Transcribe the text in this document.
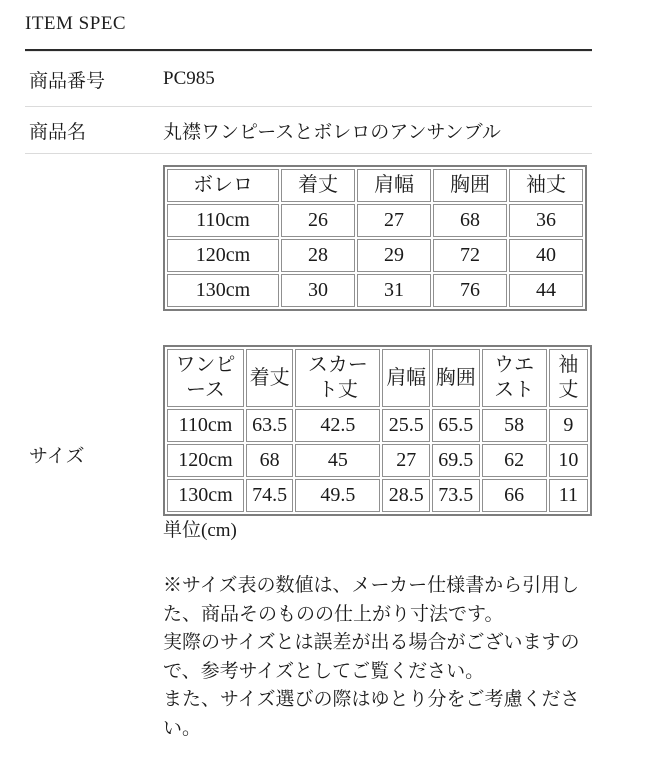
ITEM SPEC
商品番号	PC985
商品名	丸襟ワンピースとボレロのアンサンブル
サイズ
ボレロ	着丈	肩幅	胸囲	袖丈
110cm	26	27	68	36
120cm	28	29	72	40
130cm	30	31	76	44
ワンピース	着丈	スカート丈	肩幅	胸囲	ウエスト	袖丈
110cm	63.5	42.5	25.5	65.5	58	9
120cm	68	45	27	69.5	62	10
130cm	74.5	49.5	28.5	73.5	66	11
単位(cm)
※サイズ表の数値は、メーカー仕様書から引用した、商品そのものの仕上がり寸法です。
実際のサイズとは誤差が出る場合がございますので、参考サイズとしてご覧ください。
また、サイズ選びの際はゆとり分をご考慮ください。
